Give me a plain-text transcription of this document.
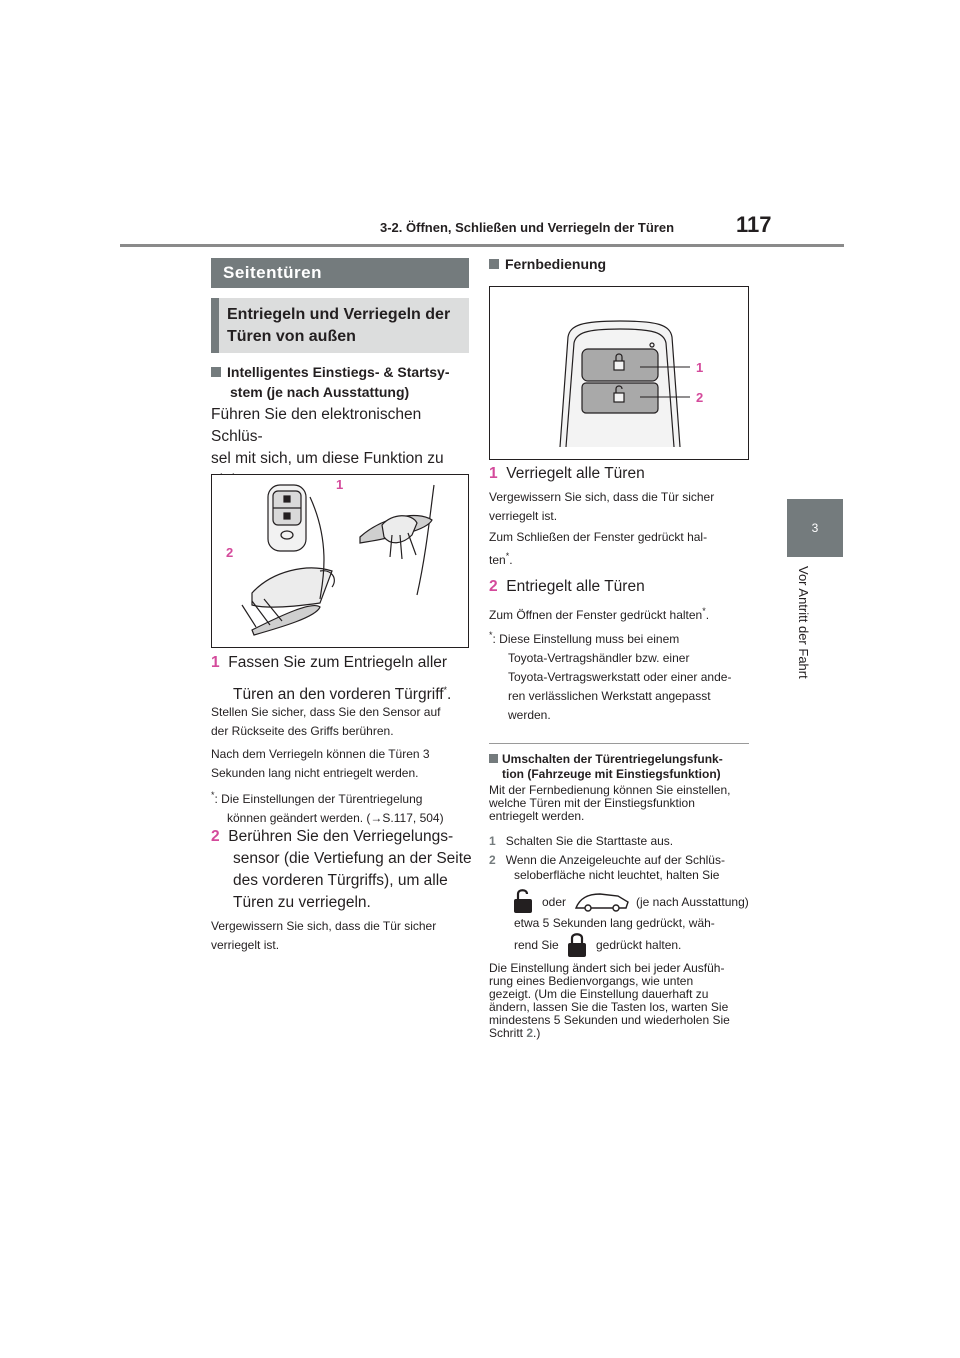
3-2. Öffnen, Schließen und Verriegeln der Türen	117
3
Vor Antritt der Fahrt
Seitentüren
Entriegeln und Verriegeln der
Türen von außen
Intelligentes Einstiegs- & Startsy-
stem (je nach Ausstattung)
Führen Sie den elektronischen Schlüs-
sel mit sich, um diese Funktion zu
1
2
1 Fassen Sie zum Entriegeln aller
Türen an den vorderen Türgriff*.
Stellen Sie sicher, dass Sie den Sensor auf
der Rückseite des Griffs berühren.
Nach dem Verriegeln können die Türen 3
Sekunden lang nicht entriegelt werden.
*: Die Einstellungen der Türentriegelung
können geändert werden. (→S.117, 504)
2 Berühren Sie den Verriegelungs-
sensor (die Vertiefung an der Seite
des vorderen Türgriffs), um alle
Türen zu verriegeln.
Vergewissern Sie sich, dass die Tür sicher
verriegelt ist.
Fernbedienung
1
2
1 Verriegelt alle Türen
Vergewissern Sie sich, dass die Tür sicher
verriegelt ist.
Zum Schließen der Fenster gedrückt hal-
ten*.
2 Entriegelt alle Türen
Zum Öffnen der Fenster gedrückt halten*.
*: Diese Einstellung muss bei einem
Toyota-Vertragshändler bzw. einer
Toyota-Vertragswerkstatt oder einer ande-
ren verlässlichen Werkstatt angepasst
werden.
Umschalten der Türentriegelungsfunk-
tion (Fahrzeuge mit Einstiegsfunktion)
Mit der Fernbedienung können Sie einstellen,
welche Türen mit der Einstiegsfunktion
entriegelt werden.
1 Schalten Sie die Starttaste aus.
2 Wenn die Anzeigeleuchte auf der Schlüs-
seloberfläche nicht leuchtet, halten Sie
oder	(je nach Ausstattung)
etwa 5 Sekunden lang gedrückt, wäh-
rend Sie	gedrückt halten.
Die Einstellung ändert sich bei jeder Ausfüh-
rung eines Bedienvorgangs, wie unten
gezeigt. (Um die Einstellung dauerhaft zu
ändern, lassen Sie die Tasten los, warten Sie
mindestens 5 Sekunden und wiederholen Sie
Schritt 2.)
